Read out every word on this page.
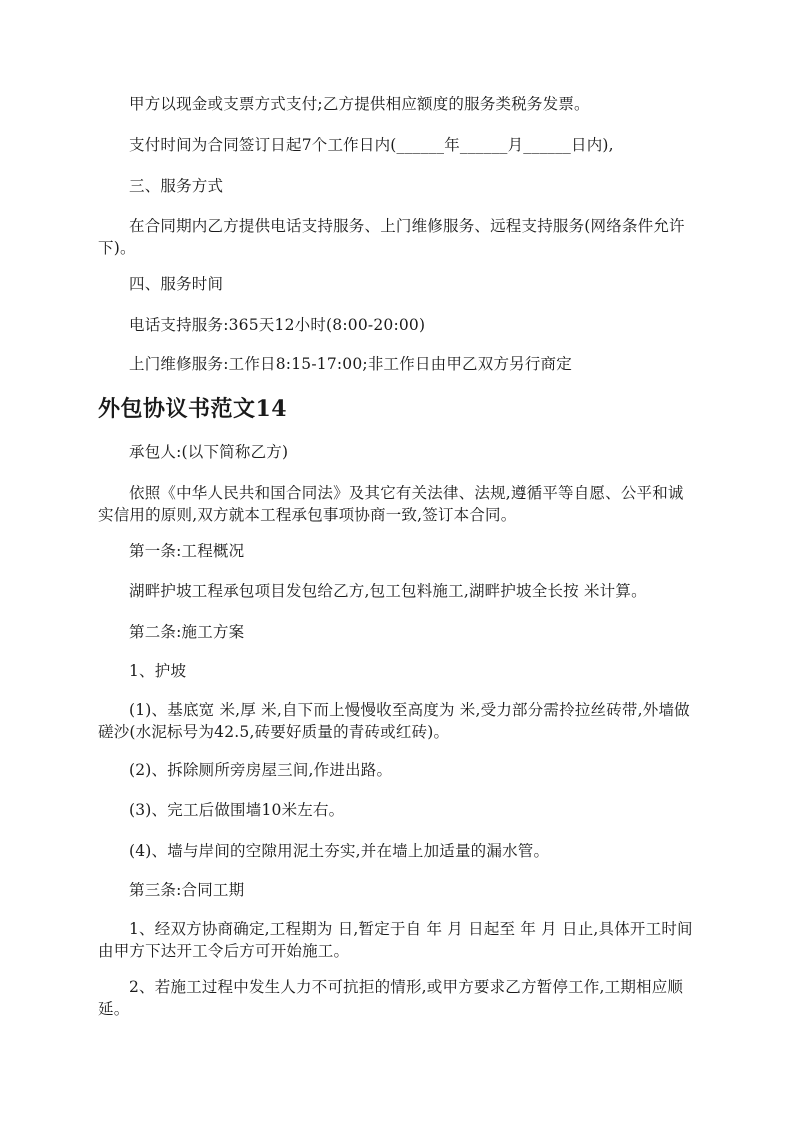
甲方以现金或支票方式支付;乙方提供相应额度的服务类税务发票。

支付时间为合同签订日起7个工作日内(______年______月______日内),

三、服务方式

在合同期内乙方提供电话支持服务、上门维修服务、远程支持服务(网络条件允许下)。

四、服务时间

电话支持服务:365天12小时(8:00-20:00)

上门维修服务:工作日8:15-17:00;非工作日由甲乙双方另行商定

外包协议书范文14

承包人:(以下简称乙方)

依照《中华人民共和国合同法》及其它有关法律、法规,遵循平等自愿、公平和诚实信用的原则,双方就本工程承包事项协商一致,签订本合同。

第一条:工程概况

湖畔护坡工程承包项目发包给乙方,包工包料施工,湖畔护坡全长按 米计算。

第二条:施工方案

1、护坡

(1)、基底宽 米,厚 米,自下而上慢慢收至高度为 米,受力部分需拎拉丝砖带,外墙做磋沙(水泥标号为42.5,砖要好质量的青砖或红砖)。

(2)、拆除厕所旁房屋三间,作进出路。

(3)、完工后做围墙10米左右。

(4)、墙与岸间的空隙用泥土夯实,并在墙上加适量的漏水管。

第三条:合同工期

1、经双方协商确定,工程期为 日,暂定于自 年 月 日起至 年 月 日止,具体开工时间由甲方下达开工令后方可开始施工。

2、若施工过程中发生人力不可抗拒的情形,或甲方要求乙方暂停工作,工期相应顺延。
